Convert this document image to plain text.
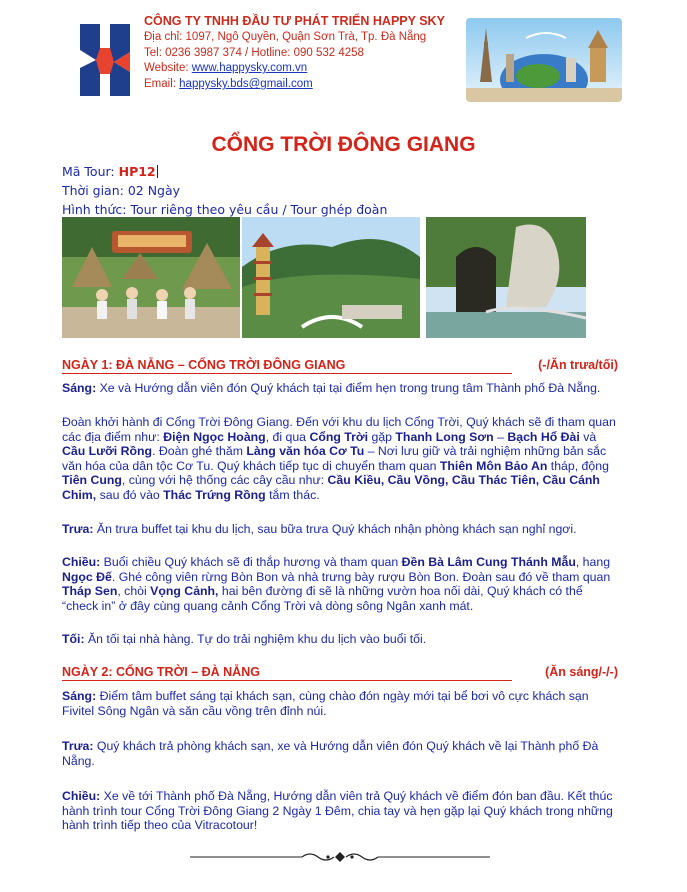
CÔNG TY TNHH ĐẦU TƯ PHÁT TRIỂN HAPPY SKY
Địa chỉ: 1097, Ngô Quyền, Quận Sơn Trà, Tp. Đà Nẵng
Tel: 0236 3987 374 / Hotline: 090 532 4258
Website: www.happysky.com.vn
Email: happysky.bds@gmail.com
CỔNG TRỜI ĐÔNG GIANG
Mã Tour: HP12
Thời gian: 02 Ngày
Hình thức: Tour riêng theo yêu cầu / Tour ghép đoàn
NGÀY 1: ĐÀ NẴNG – CỔNG TRỜI ĐÔNG GIANG	(-/Ăn trưa/tối)
Sáng: Xe và Hướng dẫn viên đón Quý khách tại tại điểm hẹn trong trung tâm Thành phố Đà Nẵng.
Đoàn khởi hành đi Cổng Trời Đông Giang. Đến với khu du lịch Cổng Trời, Quý khách sẽ đi tham quan các địa điểm như: Điện Ngọc Hoàng, đi qua Cổng Trời gặp Thanh Long Sơn – Bạch Hổ Đài và Cầu Lưỡi Rồng. Đoàn ghé thăm Làng văn hóa Cơ Tu – Nơi lưu giữ và trải nghiệm những bản sắc văn hóa của dân tộc Cơ Tu. Quý khách tiếp tục di chuyển tham quan Thiên Môn Bảo An tháp, động Tiên Cung, cùng với hệ thống các cây cầu như: Cầu Kiều, Cầu Vồng, Cầu Thác Tiên, Cầu Cánh Chim, sau đó vào Thác Trứng Rồng tắm thác.
Trưa: Ăn trưa buffet tại khu du lịch, sau bữa trưa Quý khách nhận phòng khách sạn nghỉ ngơi.
Chiều: Buổi chiều Quý khách sẽ đi thắp hương và tham quan Đền Bà Lâm Cung Thánh Mẫu, hang Ngọc Đế. Ghé công viên rừng Bòn Bon và nhà trưng bày rượu Bòn Bon. Đoàn sau đó về tham quan Tháp Sen, chòi Vọng Cảnh, hai bên đường đi sẽ là những vườn hoa nối dài, Quý khách có thể “check in” ở đây cùng quang cảnh Cổng Trời và dòng sông Ngân xanh mát.
Tối: Ăn tối tại nhà hàng. Tự do trải nghiệm khu du lịch vào buổi tối.
NGÀY 2: CỔNG TRỜI – ĐÀ NẴNG	(Ăn sáng/-/-)
Sáng: Điểm tâm buffet sáng tại khách sạn, cùng chào đón ngày mới tại bể bơi vô cực khách sạn Fivitel Sông Ngân và săn cầu vồng trên đỉnh núi.
Trưa: Quý khách trả phòng khách sạn, xe và Hướng dẫn viên đón Quý khách về lại Thành phố Đà Nẵng.
Chiều: Xe về tới Thành phố Đà Nẵng, Hướng dẫn viên trả Quý khách về điểm đón ban đầu. Kết thúc hành trình tour Cổng Trời Đông Giang 2 Ngày 1 Đêm, chia tay và hẹn gặp lại Quý khách trong những hành trình tiếp theo của Vitracotour!
